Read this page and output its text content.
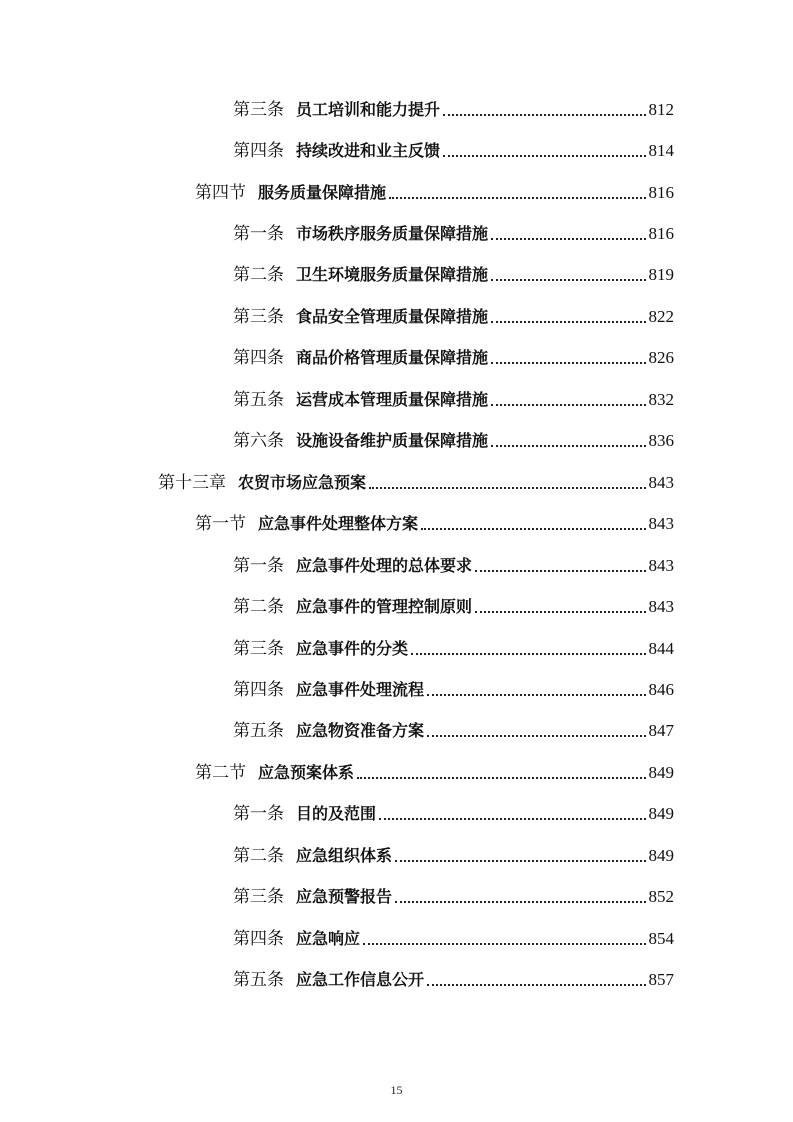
第三条 员工培训和能力提升	812
第四条 持续改进和业主反馈	814
第四节 服务质量保障措施	816
第一条 市场秩序服务质量保障措施	816
第二条 卫生环境服务质量保障措施	819
第三条 食品安全管理质量保障措施	822
第四条 商品价格管理质量保障措施	826
第五条 运营成本管理质量保障措施	832
第六条 设施设备维护质量保障措施	836
第十三章 农贸市场应急预案	843
第一节 应急事件处理整体方案	843
第一条 应急事件处理的总体要求	843
第二条 应急事件的管理控制原则	843
第三条 应急事件的分类	844
第四条 应急事件处理流程	846
第五条 应急物资准备方案	847
第二节 应急预案体系	849
第一条 目的及范围	849
第二条 应急组织体系	849
第三条 应急预警报告	852
第四条 应急响应	854
第五条 应急工作信息公开	857
15
